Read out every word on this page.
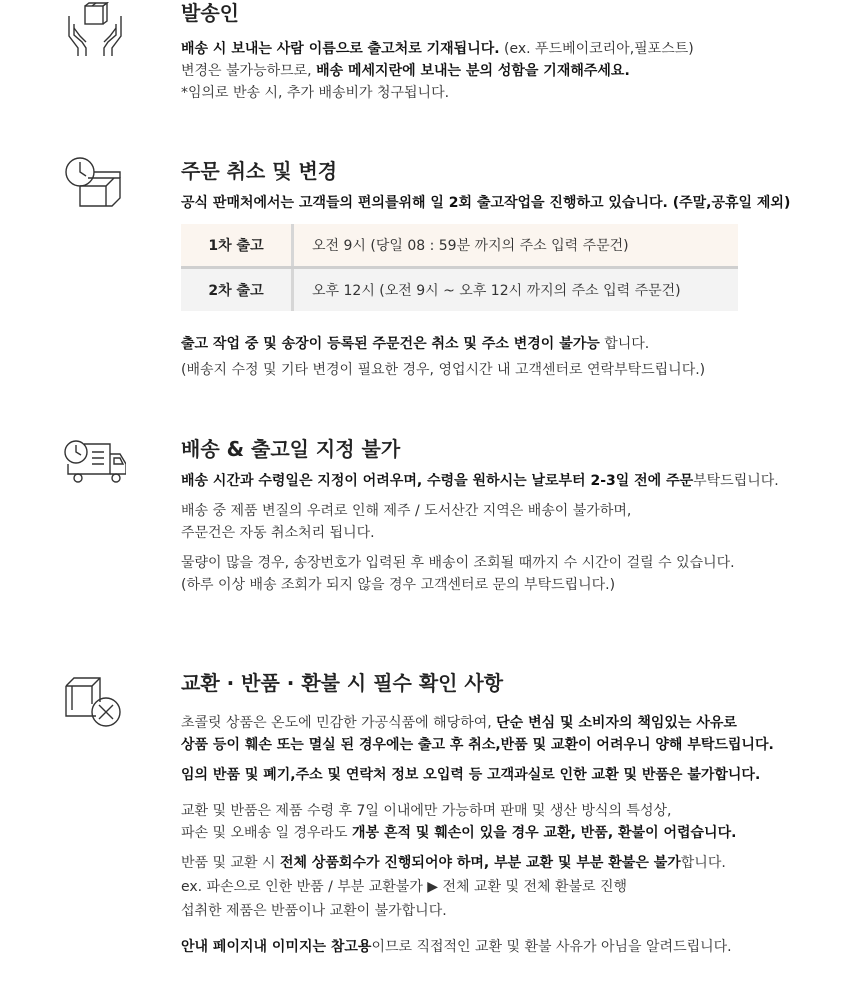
발송인
배송 시 보내는 사람 이름으로 출고처로 기재됩니다. (ex. 푸드베이코리아,필포스트)
변경은 불가능하므로, 배송 메세지란에 보내는 분의 성함을 기재해주세요.
*임의로 반송 시, 추가 배송비가 청구됩니다.
주문 취소 및 변경
공식 판매처에서는 고객들의 편의를위해 일 2회 출고작업을 진행하고 있습니다. (주말,공휴일 제외)
1차 출고	오전 9시 (당일 08 : 59분 까지의 주소 입력 주문건)

2차 출고	오후 12시 (오전 9시 ~ 오후 12시 까지의 주소 입력 주문건)
출고 작업 중 및 송장이 등록된 주문건은 취소 및 주소 변경이 불가능 합니다.
(배송지 수정 및 기타 변경이 필요한 경우, 영업시간 내 고객센터로 연락부탁드립니다.)
배송 & 출고일 지정 불가
배송 시간과 수령일은 지정이 어려우며, 수령을 원하시는 날로부터 2-3일 전에 주문부탁드립니다.
배송 중 제품 변질의 우려로 인해 제주 / 도서산간 지역은 배송이 불가하며,
주문건은 자동 취소처리 됩니다.
물량이 많을 경우, 송장번호가 입력된 후 배송이 조회될 때까지 수 시간이 걸릴 수 있습니다.
(하루 이상 배송 조회가 되지 않을 경우 고객센터로 문의 부탁드립니다.)
교환 · 반품 · 환불 시 필수 확인 사항
초콜릿 상품은 온도에 민감한 가공식품에 해당하여, 단순 변심 및 소비자의 책임있는 사유로
상품 등이 훼손 또는 멸실 된 경우에는 출고 후 취소,반품 및 교환이 어려우니 양해 부탁드립니다.
임의 반품 및 폐기,주소 및 연락처 정보 오입력 등 고객과실로 인한 교환 및 반품은 불가합니다.
교환 및 반품은 제품 수령 후 7일 이내에만 가능하며 판매 및 생산 방식의 특성상,
파손 및 오배송 일 경우라도 개봉 흔적 및 훼손이 있을 경우 교환, 반품, 환불이 어렵습니다.
반품 및 교환 시 전체 상품회수가 진행되어야 하며, 부분 교환 및 부분 환불은 불가합니다.
ex. 파손으로 인한 반품 / 부분 교환불가 ▶ 전체 교환 및 전체 환불로 진행
섭취한 제품은 반품이나 교환이 불가합니다.
안내 페이지내 이미지는 참고용이므로 직접적인 교환 및 환불 사유가 아님을 알려드립니다.
